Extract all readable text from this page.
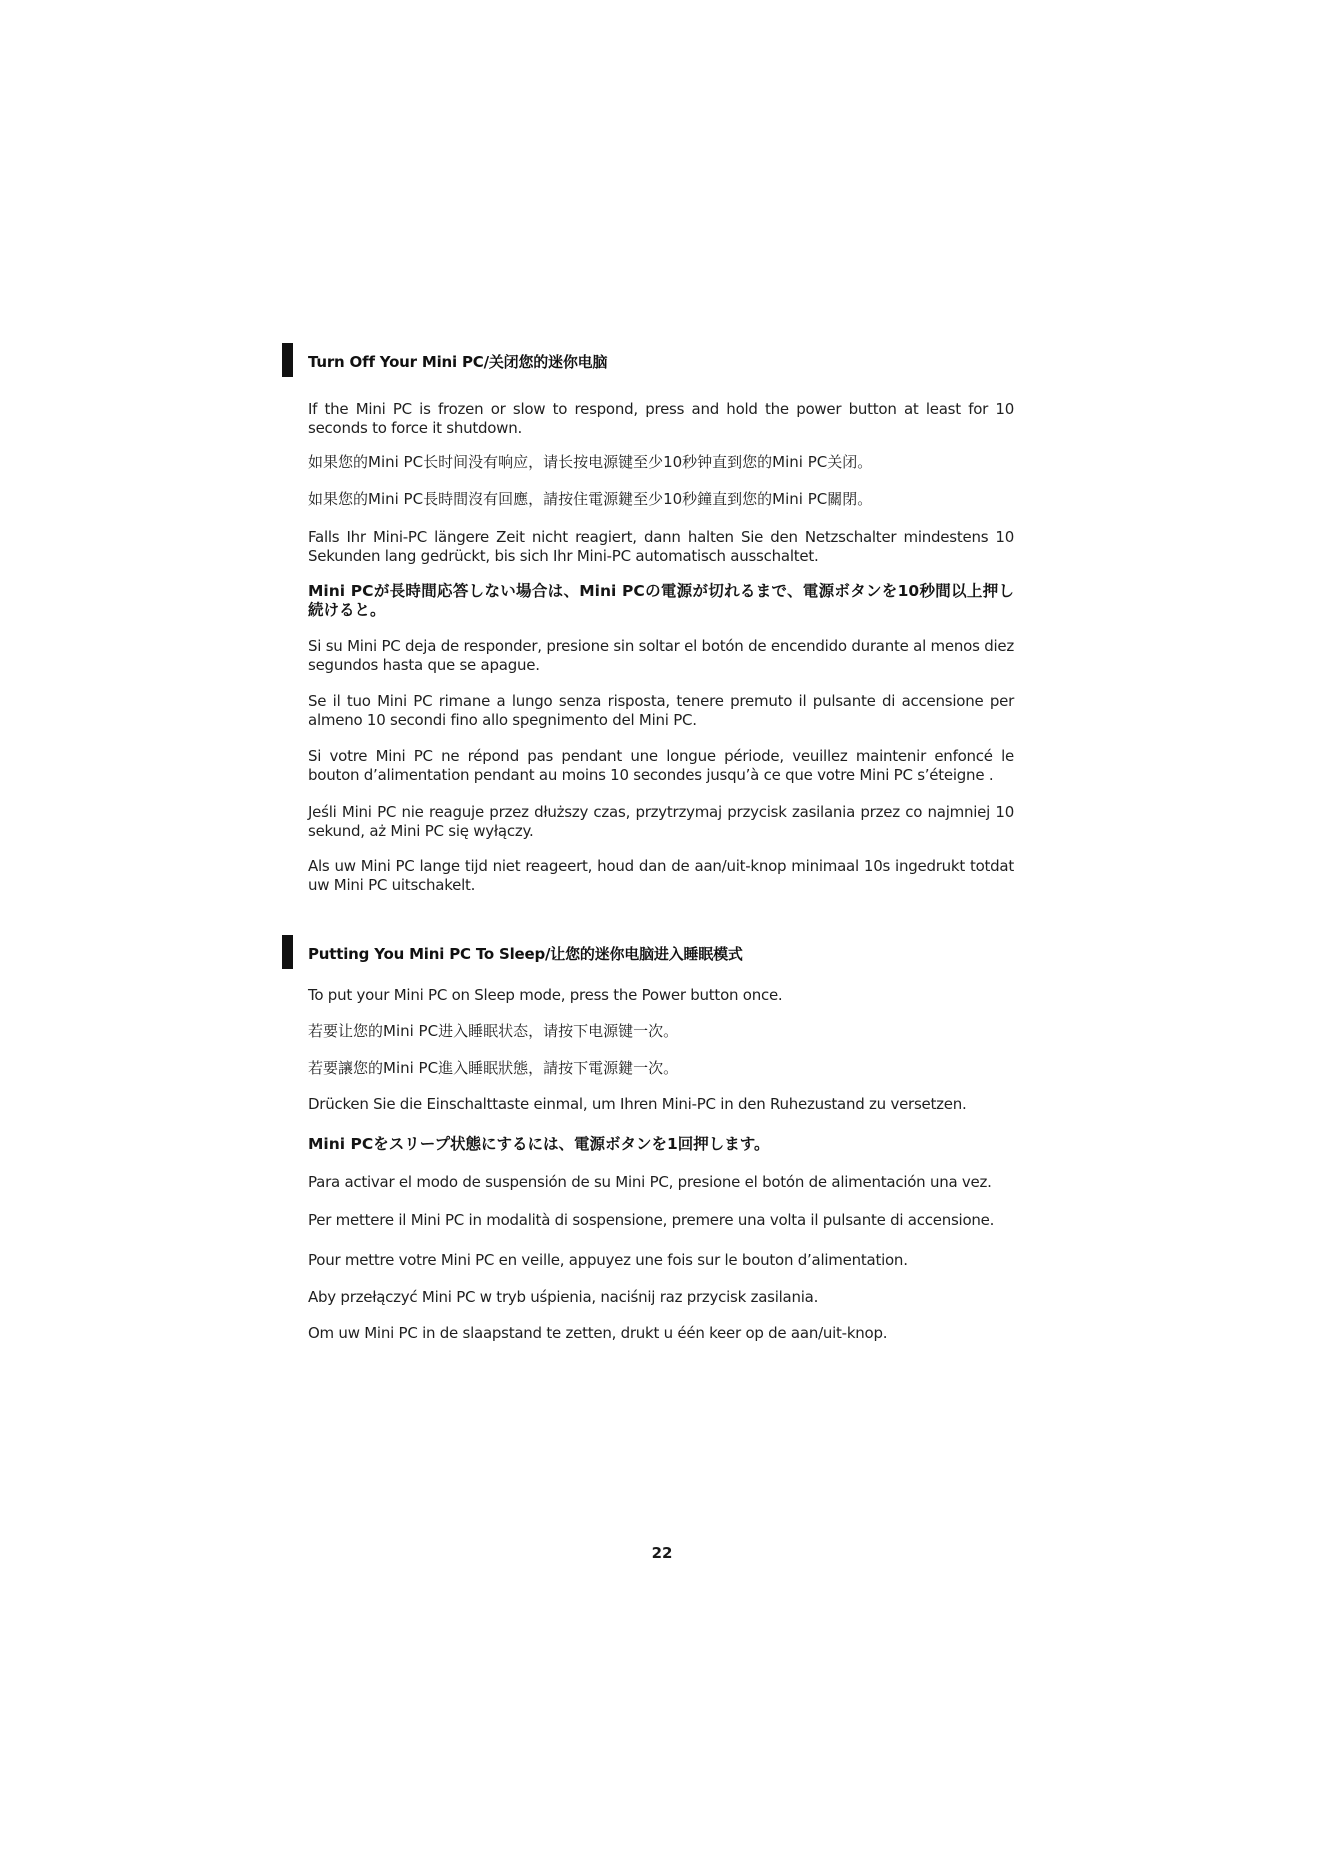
Turn Off Your Mini PC/关闭您的迷你电脑

If the Mini PC is frozen or slow to respond, press and hold the power button at least for 10 seconds to force it shutdown.

如果您的Mini PC长时间没有响应，请长按电源键至少10秒钟直到您的Mini PC关闭。

如果您的Mini PC長時間沒有回應，請按住電源鍵至少10秒鐘直到您的Mini PC關閉。

Falls Ihr Mini-PC längere Zeit nicht reagiert, dann halten Sie den Netzschalter mindestens 10 Sekunden lang gedrückt, bis sich Ihr Mini-PC automatisch ausschaltet.

Mini PCが長時間応答しない場合は、Mini PCの電源が切れるまで、電源ボタンを10秒間以上押し続けると。

Si su Mini PC deja de responder, presione sin soltar el botón de encendido durante al menos diez segundos hasta que se apague.

Se il tuo Mini PC rimane a lungo senza risposta, tenere premuto il pulsante di accensione per almeno 10 secondi fino allo spegnimento del Mini PC.

Si votre Mini PC ne répond pas pendant une longue période, veuillez maintenir enfoncé le bouton d’alimentation pendant au moins 10 secondes jusqu’à ce que votre Mini PC s’éteigne .

Jeśli Mini PC nie reaguje przez dłuższy czas, przytrzymaj przycisk zasilania przez co najmniej 10 sekund, aż Mini PC się wyłączy.

Als uw Mini PC lange tijd niet reageert, houd dan de aan/uit-knop minimaal 10s ingedrukt totdat uw Mini PC uitschakelt.

Putting You Mini PC To Sleep/让您的迷你电脑进入睡眠模式
To put your Mini PC on Sleep mode, press the Power button once.
若要让您的Mini PC进入睡眠状态，请按下电源键一次。
若要讓您的Mini PC進入睡眠狀態，請按下電源鍵一次。
Drücken Sie die Einschalttaste einmal, um Ihren Mini-PC in den Ruhezustand zu versetzen.
Mini PCをスリープ状態にするには、電源ボタンを1回押します。
Para activar el modo de suspensión de su Mini PC, presione el botón de alimentación una vez.
Per mettere il Mini PC in modalità di sospensione, premere una volta il pulsante di accensione.
Pour mettre votre Mini PC en veille, appuyez une fois sur le bouton d’alimentation.
Aby przełączyć Mini PC w tryb uśpienia, naciśnij raz przycisk zasilania.
Om uw Mini PC in de slaapstand te zetten, drukt u één keer op de aan/uit-knop.
22
